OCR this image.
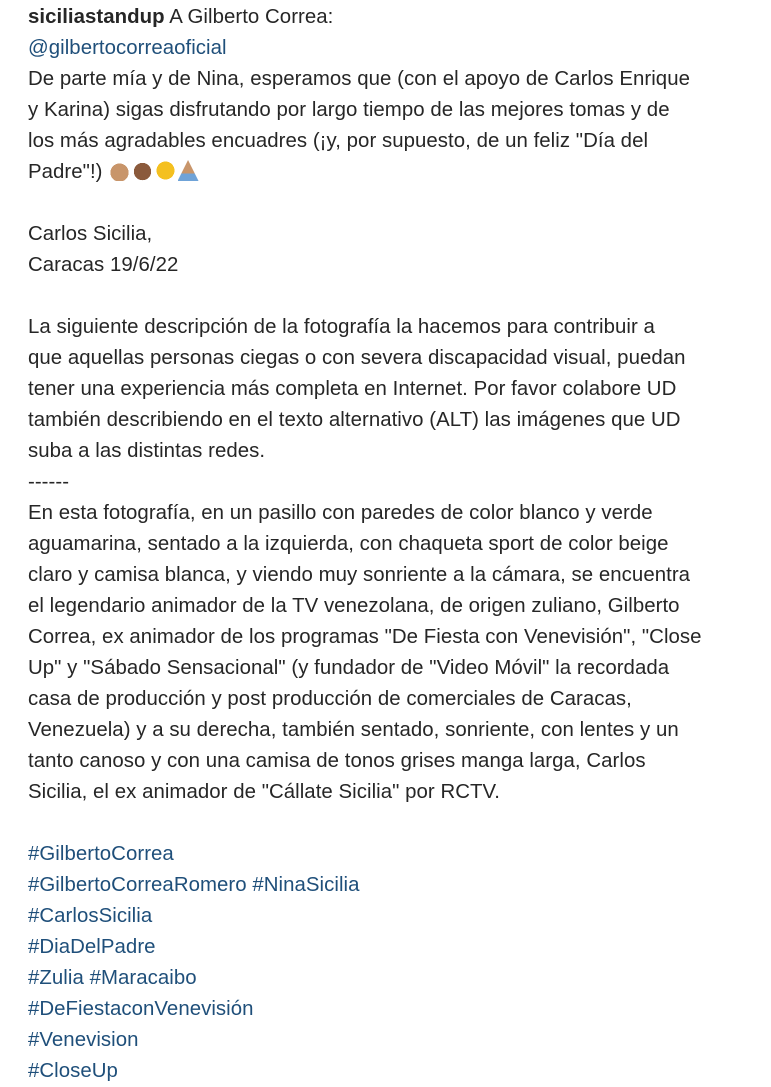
siciliastandup A Gilberto Correa:
@gilbertocorreaoficial
De parte mía y de Nina, esperamos que (con el apoyo de Carlos Enrique
y Karina) sigas disfrutando por largo tiempo de las mejores tomas y de
los más agradables encuadres (¡y, por supuesto, de un feliz "Día del
Padre"!)
Carlos Sicilia,
Caracas 19/6/22
La siguiente descripción de la fotografía la hacemos para contribuir a
que aquellas personas ciegas o con severa discapacidad visual, puedan
tener una experiencia más completa en Internet. Por favor colabore UD
también describiendo en el texto alternativo (ALT) las imágenes que UD
suba a las distintas redes.
------
En esta fotografía, en un pasillo con paredes de color blanco y verde
aguamarina, sentado a la izquierda, con chaqueta sport de color beige
claro y camisa blanca, y viendo muy sonriente a la cámara, se encuentra
el legendario animador de la TV venezolana, de origen zuliano, Gilberto
Correa, ex animador de los programas "De Fiesta con Venevisión", "Close
Up" y "Sábado Sensacional" (y fundador de "Video Móvil" la recordada
casa de producción y post producción de comerciales de Caracas,
Venezuela) y a su derecha, también sentado, sonriente, con lentes y un
tanto canoso y con una camisa de tonos grises manga larga, Carlos
Sicilia, el ex animador de "Cállate Sicilia" por RCTV.
#GilbertoCorrea
#GilbertoCorreaRomero #NinaSicilia
#CarlosSicilia
#DiaDelPadre
#Zulia #Maracaibo
#DeFiestaconVenevisión
#Venevision
#CloseUp
